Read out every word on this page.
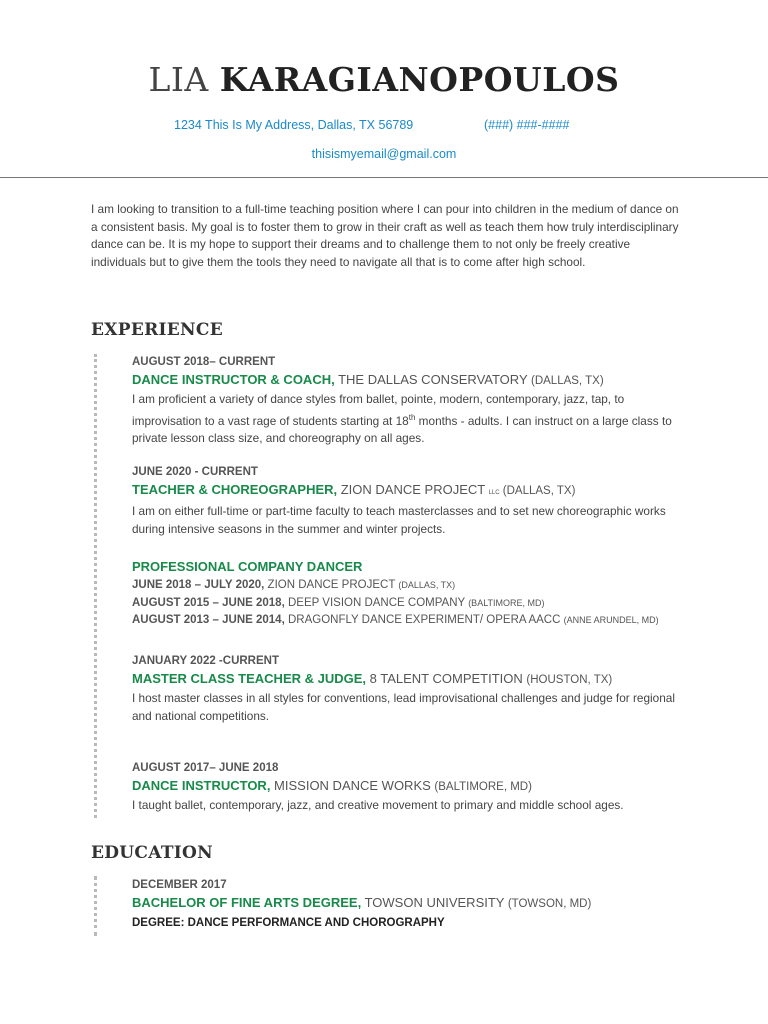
LIA KARAGIANOPOULOS
1234 This Is My Address, Dallas, TX 56789	(###) ###-####
thisismyemail@gmail.com
I am looking to transition to a full-time teaching position where I can pour into children in the medium of dance on a consistent basis. My goal is to foster them to grow in their craft as well as teach them how truly interdisciplinary dance can be. It is my hope to support their dreams and to challenge them to not only be freely creative individuals but to give them the tools they need to navigate all that is to come after high school.
EXPERIENCE
AUGUST 2018– CURRENT
DANCE INSTRUCTOR & COACH, THE DALLAS CONSERVATORY (DALLAS, TX)
I am proficient a variety of dance styles from ballet, pointe, modern, contemporary, jazz, tap, to improvisation to a vast rage of students starting at 18th months - adults. I can instruct on a large class to private lesson class size, and choreography on all ages.
JUNE 2020 - CURRENT
TEACHER & CHOREOGRAPHER, ZION DANCE PROJECT LLC (DALLAS, TX)
I am on either full-time or part-time faculty to teach masterclasses and to set new choreographic works during intensive seasons in the summer and winter projects.
PROFESSIONAL COMPANY DANCER
JUNE 2018 – JULY 2020, ZION DANCE PROJECT (DALLAS, TX)
AUGUST 2015 – JUNE 2018, DEEP VISION DANCE COMPANY (BALTIMORE, MD)
AUGUST 2013 – JUNE 2014, DRAGONFLY DANCE EXPERIMENT/ OPERA AACC (ANNE ARUNDEL, MD)
JANUARY 2022 -CURRENT
MASTER CLASS TEACHER & JUDGE, 8 TALENT COMPETITION (HOUSTON, TX)
I host master classes in all styles for conventions, lead improvisational challenges and judge for regional and national competitions.
AUGUST 2017– JUNE 2018
DANCE INSTRUCTOR, MISSION DANCE WORKS (BALTIMORE, MD)
I taught ballet, contemporary, jazz, and creative movement to primary and middle school ages.
EDUCATION
DECEMBER 2017
BACHELOR OF FINE ARTS DEGREE, TOWSON UNIVERSITY (TOWSON, MD)
DEGREE: DANCE PERFORMANCE AND CHOROGRAPHY
